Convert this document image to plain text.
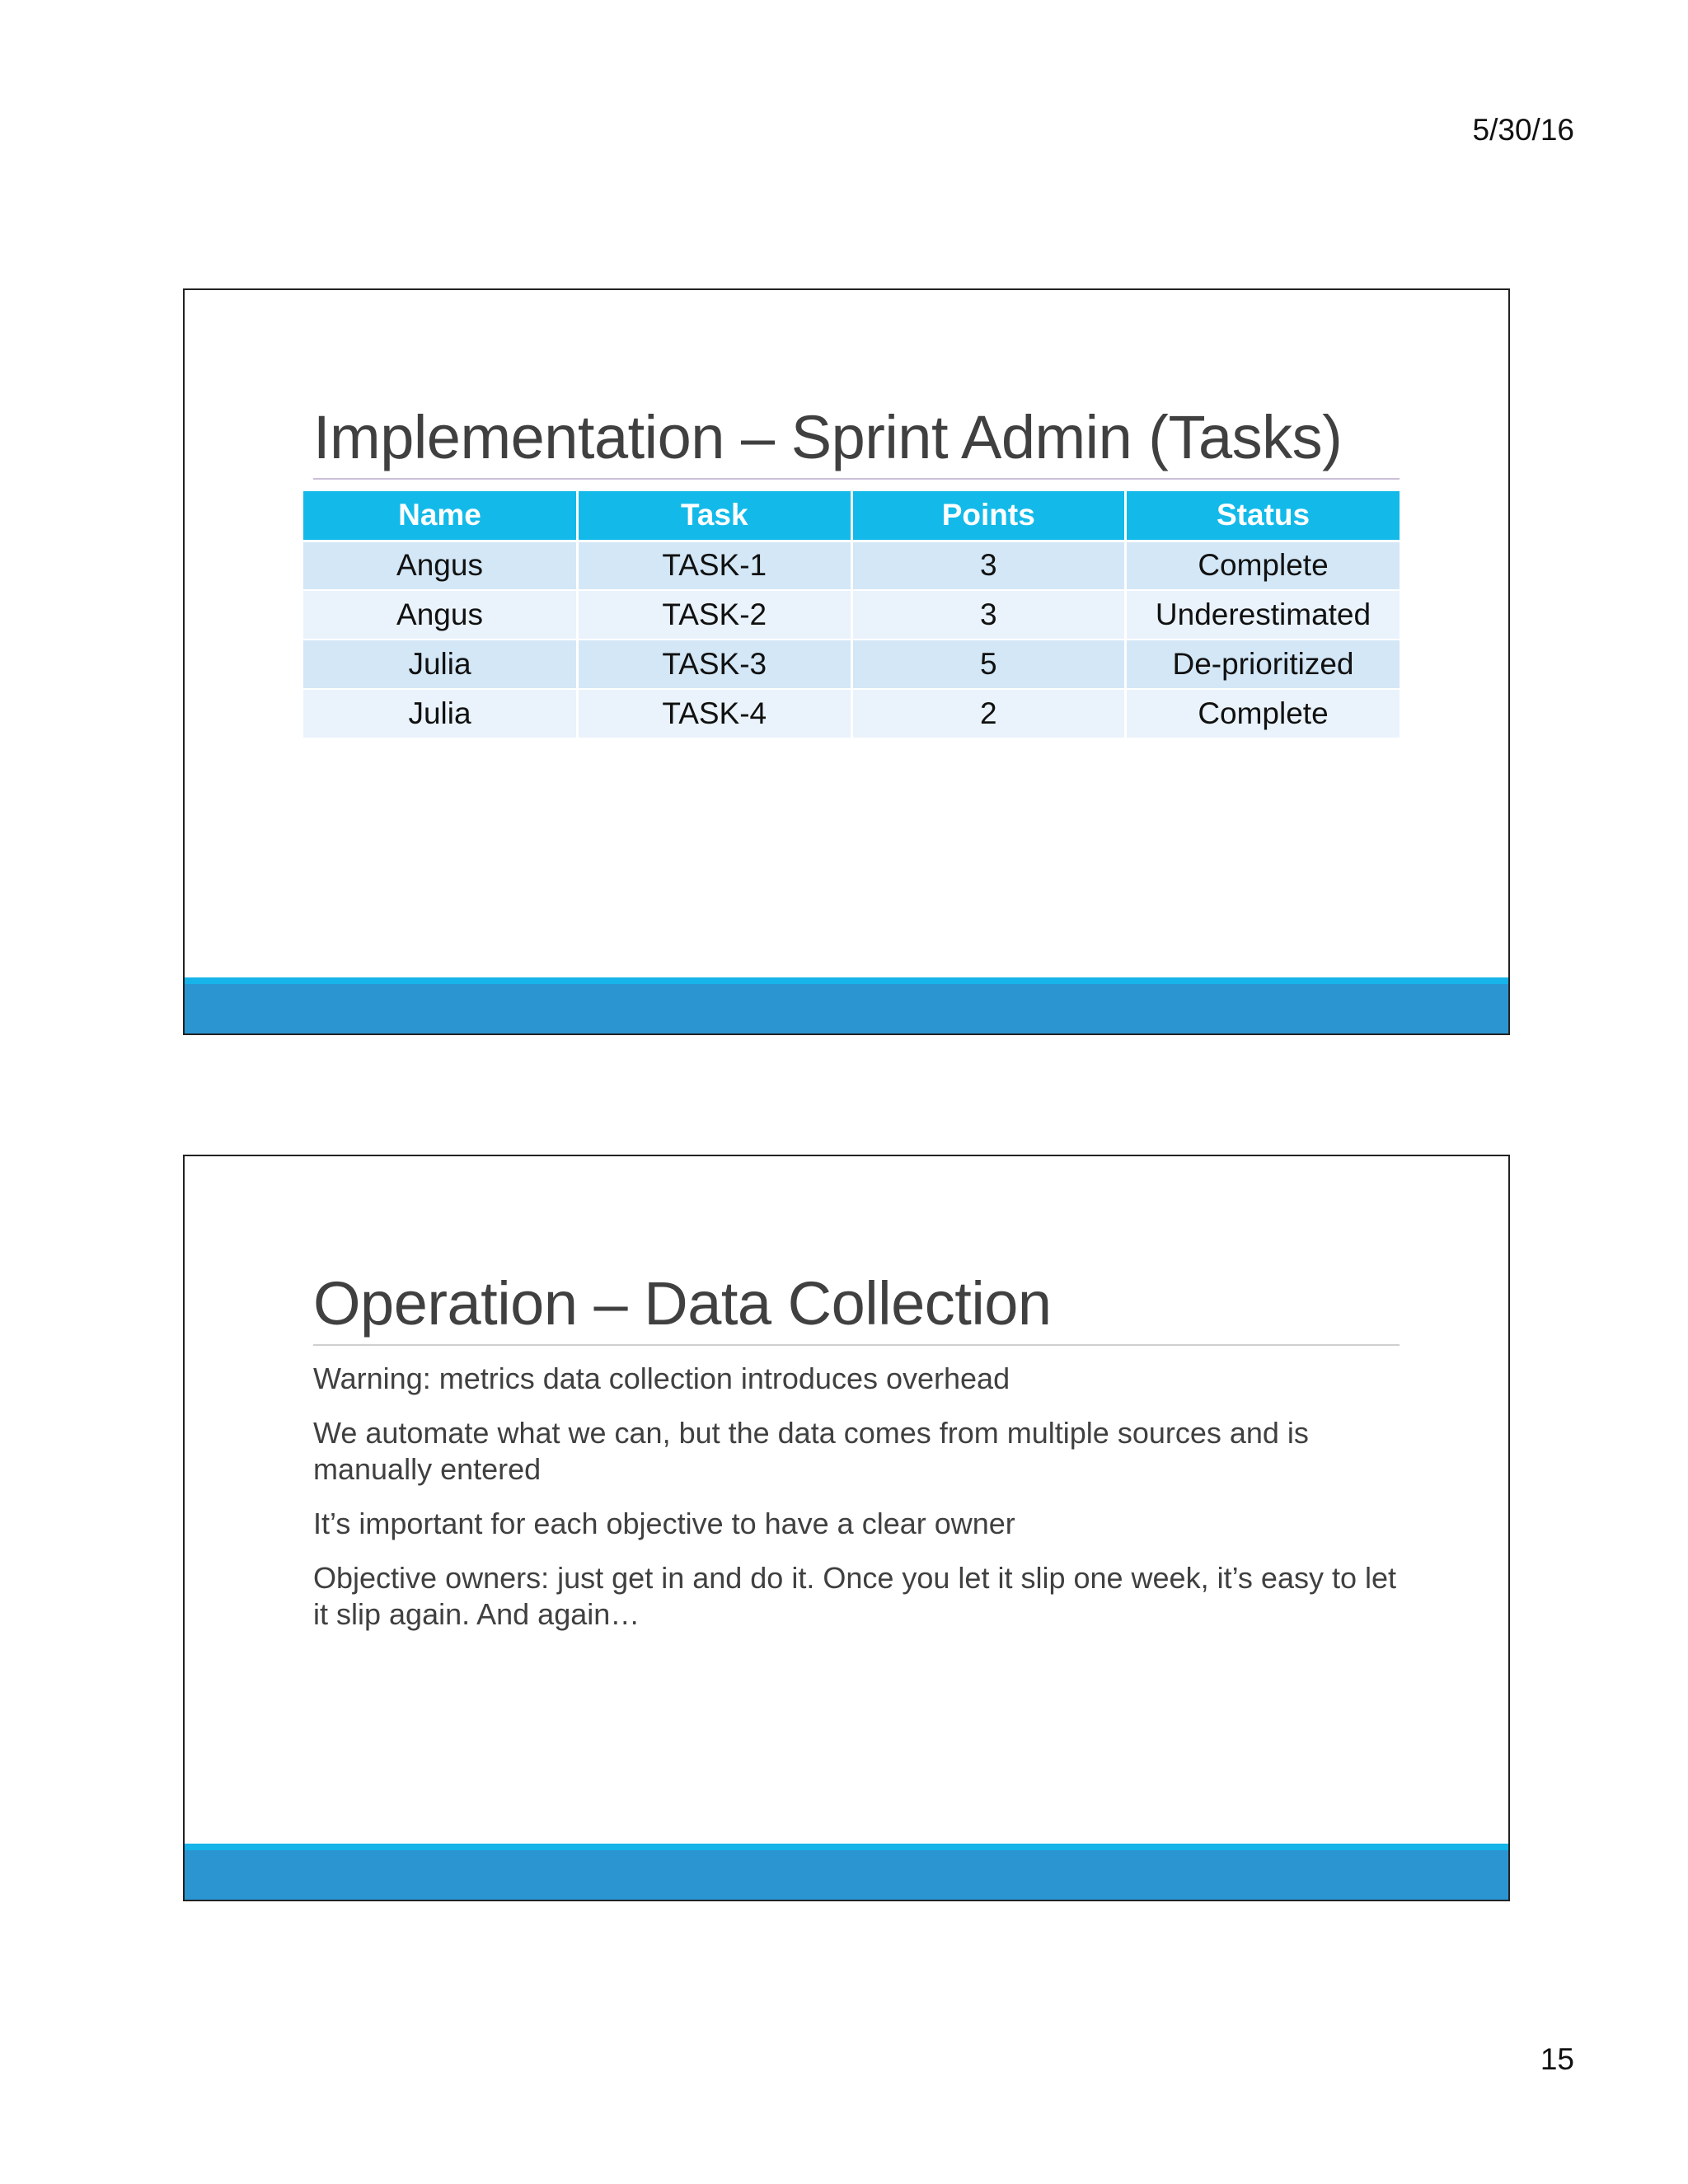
5/30/16
Implementation – Sprint Admin (Tasks)
Name	Task	Points	Status
Angus	TASK-1	3	Complete
Angus	TASK-2	3	Underestimated
Julia	TASK-3	5	De-prioritized
Julia	TASK-4	2	Complete
Operation – Data Collection

Warning: metrics data collection introduces overhead

We automate what we can, but the data comes from multiple sources and is manually entered

It’s important for each objective to have a clear owner

Objective owners: just get in and do it. Once you let it slip one week, it’s easy to let it slip again. And again…

15
